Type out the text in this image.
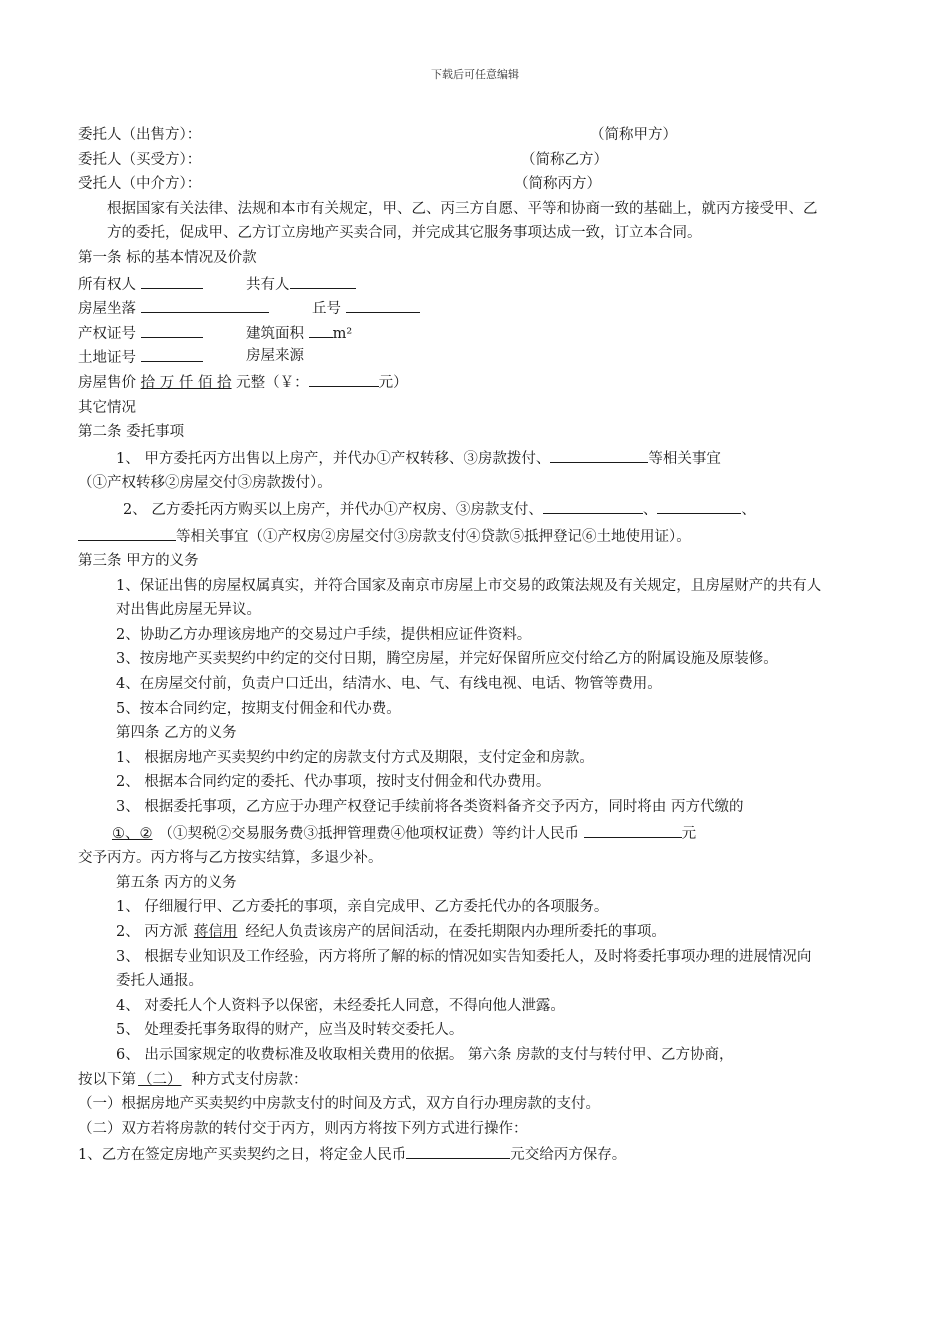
下载后可任意编辑
委托人（出售方）：	（简称甲方）
委托人（买受方）：	（简称乙方）
受托人（中介方）：	（简称丙方）

根据国家有关法律、法规和本市有关规定，甲、乙、丙三方自愿、平等和协商一致的基础上，就丙方接受甲、乙方的委托，促成甲、乙方订立房地产买卖合同，并完成其它服务事项达成一致，订立本合同。

第一条 标的基本情况及价款

所有权人	共有人
房屋坐落	丘号
产权证号	建筑面积 m²
土地证号	房屋来源

房屋售价 拾 万 仟 佰 拾 元整（￥：	元）

其它情况

第二条 委托事项

1、 甲方委托丙方出售以上房产，并代办①产权转移、③房款拨付、	等相关事宜

（①产权转移②房屋交付③房款拨付）。

2、 乙方委托丙方购买以上房产，并代办①产权房、③房款支付、	、	、

等相关事宜（①产权房②房屋交付③房款支付④贷款⑤抵押登记⑥土地使用证）。

第三条 甲方的义务

1、保证出售的房屋权属真实，并符合国家及南京市房屋上市交易的政策法规及有关规定，且房屋财产的共有人对出售此房屋无异议。

2、协助乙方办理该房地产的交易过户手续，提供相应证件资料。

3、按房地产买卖契约中约定的交付日期，腾空房屋，并完好保留所应交付给乙方的附属设施及原装修。

4、在房屋交付前，负责户口迁出，结清水、电、气、有线电视、电话、物管等费用。

5、按本合同约定，按期支付佣金和代办费。

第四条 乙方的义务

1、 根据房地产买卖契约中约定的房款支付方式及期限，支付定金和房款。

2、 根据本合同约定的委托、代办事项，按时支付佣金和代办费用。

3、 根据委托事项，乙方应于办理产权登记手续前将各类资料备齐交予丙方，同时将由 丙方代缴的

①、② （①契税②交易服务费③抵押管理费④他项权证费）等约计人民币	元

交予丙方。丙方将与乙方按实结算，多退少补。

第五条 丙方的义务

1、 仔细履行甲、乙方委托的事项，亲自完成甲、乙方委托代办的各项服务。

2、 丙方派 蒋信用 经纪人负责该房产的居间活动，在委托期限内办理所委托的事项。

3、 根据专业知识及工作经验，丙方将所了解的标的情况如实告知委托人，及时将委托事项办理的进展情况向委托人通报。

4、 对委托人个人资料予以保密，未经委托人同意，不得向他人泄露。

5、 处理委托事务取得的财产，应当及时转交委托人。

6、 出示国家规定的收费标准及收取相关费用的依据。 第六条 房款的支付与转付甲、乙方协商，

按以下第 （二） 种方式支付房款：

（一）根据房地产买卖契约中房款支付的时间及方式，双方自行办理房款的支付。

（二）双方若将房款的转付交于丙方，则丙方将按下列方式进行操作：

1、乙方在签定房地产买卖契约之日，将定金人民币	元交给丙方保存。
